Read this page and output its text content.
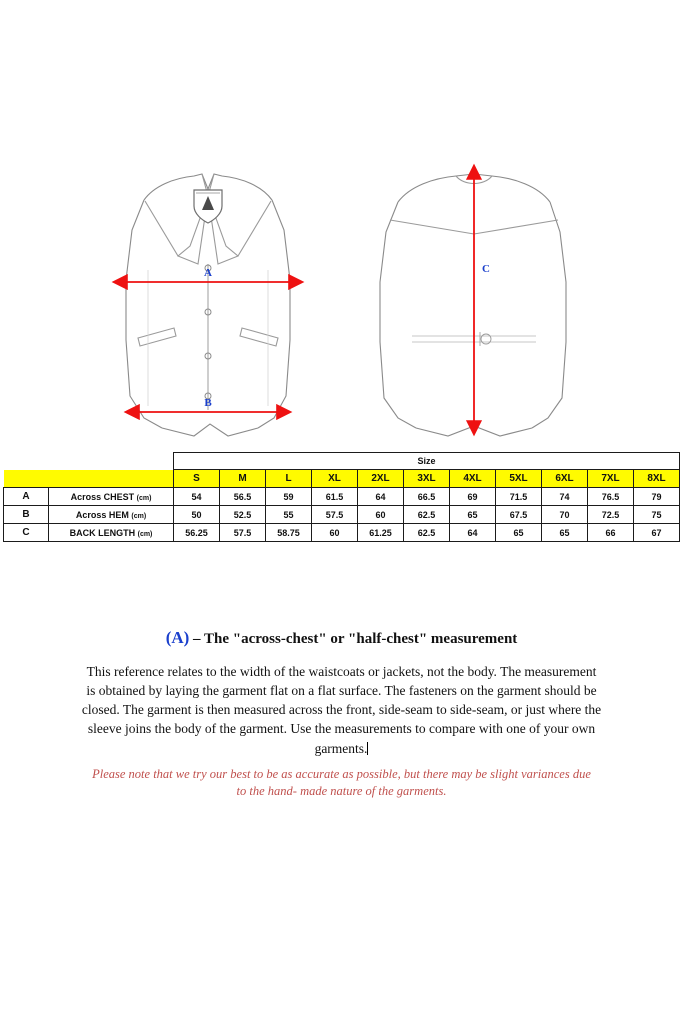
A
B
C
		Size										
		S	M	L	XL	2XL	3XL	4XL	5XL	6XL	7XL	8XL
A	Across CHEST (cm)	54	56.5	59	61.5	64	66.5	69	71.5	74	76.5	79
B	Across HEM (cm)	50	52.5	55	57.5	60	62.5	65	67.5	70	72.5	75
C	BACK LENGTH (cm)	56.25	57.5	58.75	60	61.25	62.5	64	65	65	66	67
(A) – The "across-chest" or "half-chest" measurement

This reference relates to the width of the waistcoats or jackets, not the body. The measurement is obtained by laying the garment flat on a flat surface. The fasteners on the garment should be closed. The garment is then measured across the front, side-seam to side-seam, or just where the sleeve joins the body of the garment. Use the measurements to compare with one of your own garments.

Please note that we try our best to be as accurate as possible, but there may be slight variances due to the hand- made nature of the garments.
